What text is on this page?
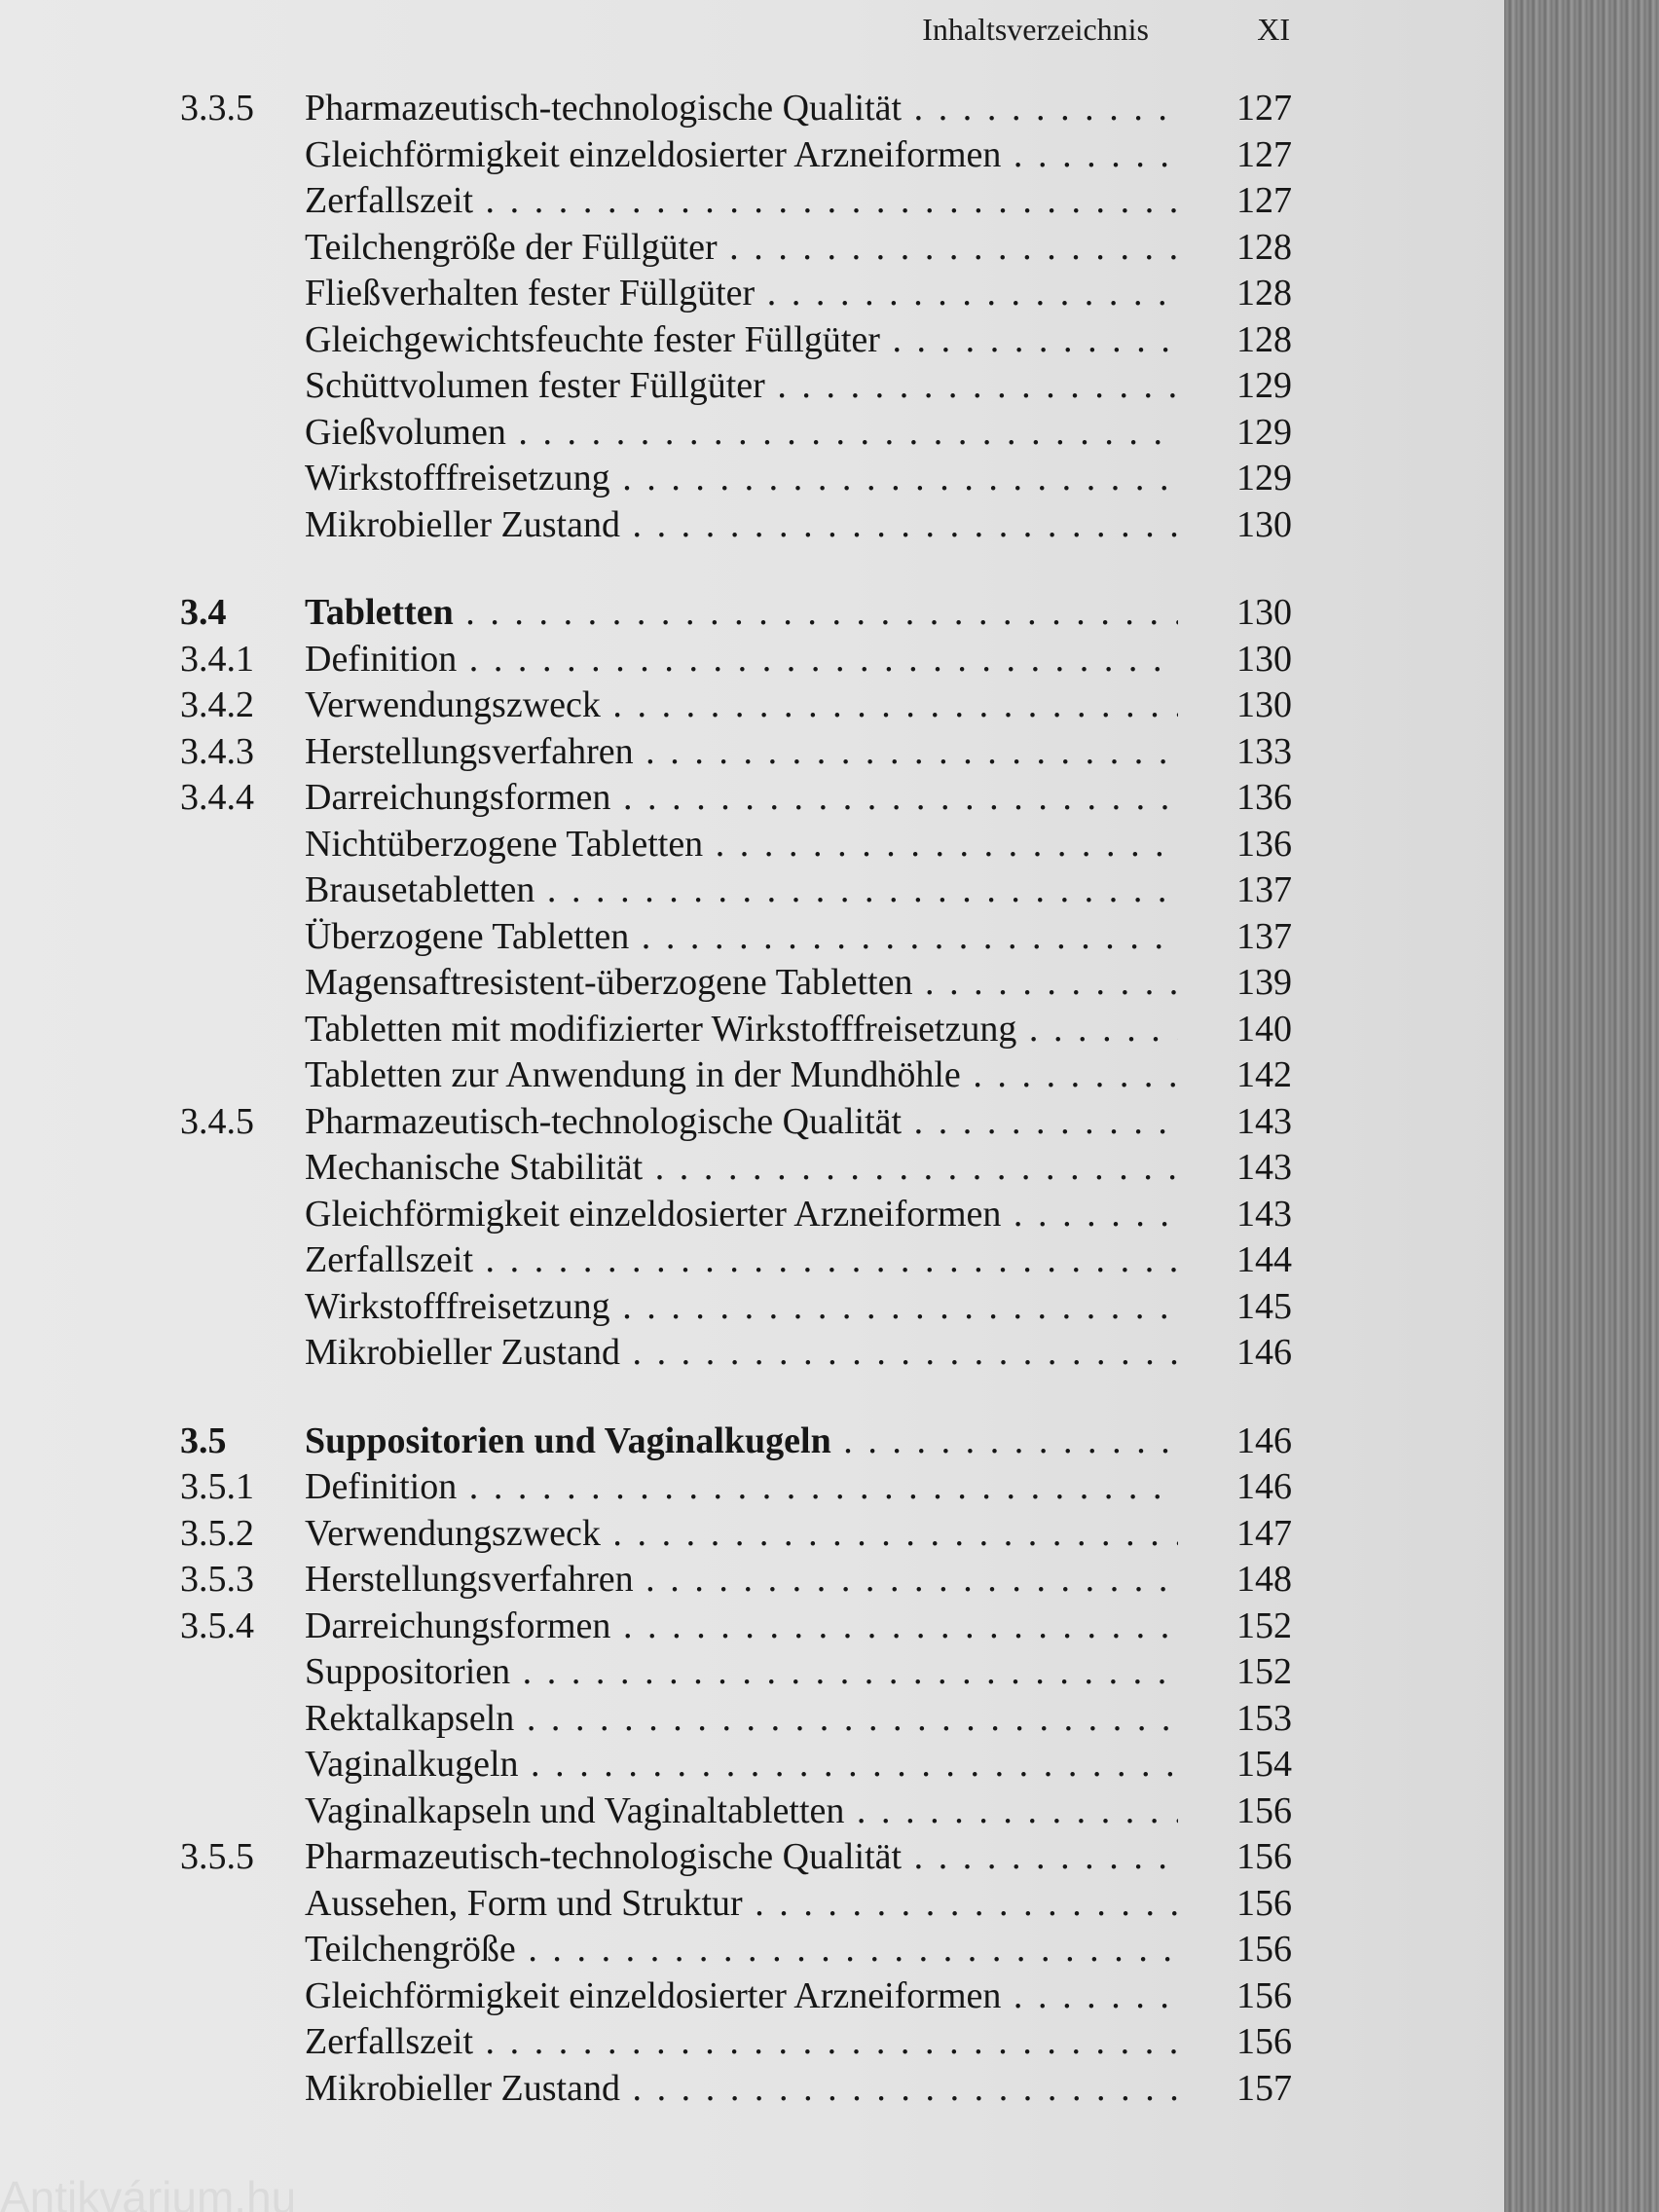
Inhaltsverzeichnis	XI
3.3.5 Pharmazeutisch-technologische Qualität . . .	127
Gleichförmigkeit einzeldosierter Arzneiformen . . .	127
Zerfallszeit . . .	127
Teilchengröße der Füllgüter . . .	128
Fließverhalten fester Füllgüter . . .	128
Gleichgewichtsfeuchte fester Füllgüter . . .	128
Schüttvolumen fester Füllgüter . . .	129
Gießvolumen . . .	129
Wirkstofffreisetzung . . .	129
Mikrobieller Zustand . . .	130
3.4 Tabletten . . .	130
3.4.1 Definition . . .	130
3.4.2 Verwendungszweck . . .	130
3.4.3 Herstellungsverfahren . . .	133
3.4.4 Darreichungsformen . . .	136
Nichtüberzogene Tabletten . . .	136
Brausetabletten . . .	137
Überzogene Tabletten . . .	137
Magensaftresistent-überzogene Tabletten . . .	139
Tabletten mit modifizierter Wirkstofffreisetzung . . .	140
Tabletten zur Anwendung in der Mundhöhle . . .	142
3.4.5 Pharmazeutisch-technologische Qualität . . .	143
Mechanische Stabilität . . .	143
Gleichförmigkeit einzeldosierter Arzneiformen . . .	143
Zerfallszeit . . .	144
Wirkstofffreisetzung . . .	145
Mikrobieller Zustand . . .	146
3.5 Suppositorien und Vaginalkugeln . . .	146
3.5.1 Definition . . .	146
3.5.2 Verwendungszweck . . .	147
3.5.3 Herstellungsverfahren . . .	148
3.5.4 Darreichungsformen . . .	152
Suppositorien . . .	152
Rektalkapseln . . .	153
Vaginalkugeln . . .	154
Vaginalkapseln und Vaginaltabletten . . .	156
3.5.5 Pharmazeutisch-technologische Qualität . . .	156
Aussehen, Form und Struktur . . .	156
Teilchengröße . . .	156
Gleichförmigkeit einzeldosierter Arzneiformen . . .	156
Zerfallszeit . . .	156
Mikrobieller Zustand . . .	157
Antikvárium.hu
